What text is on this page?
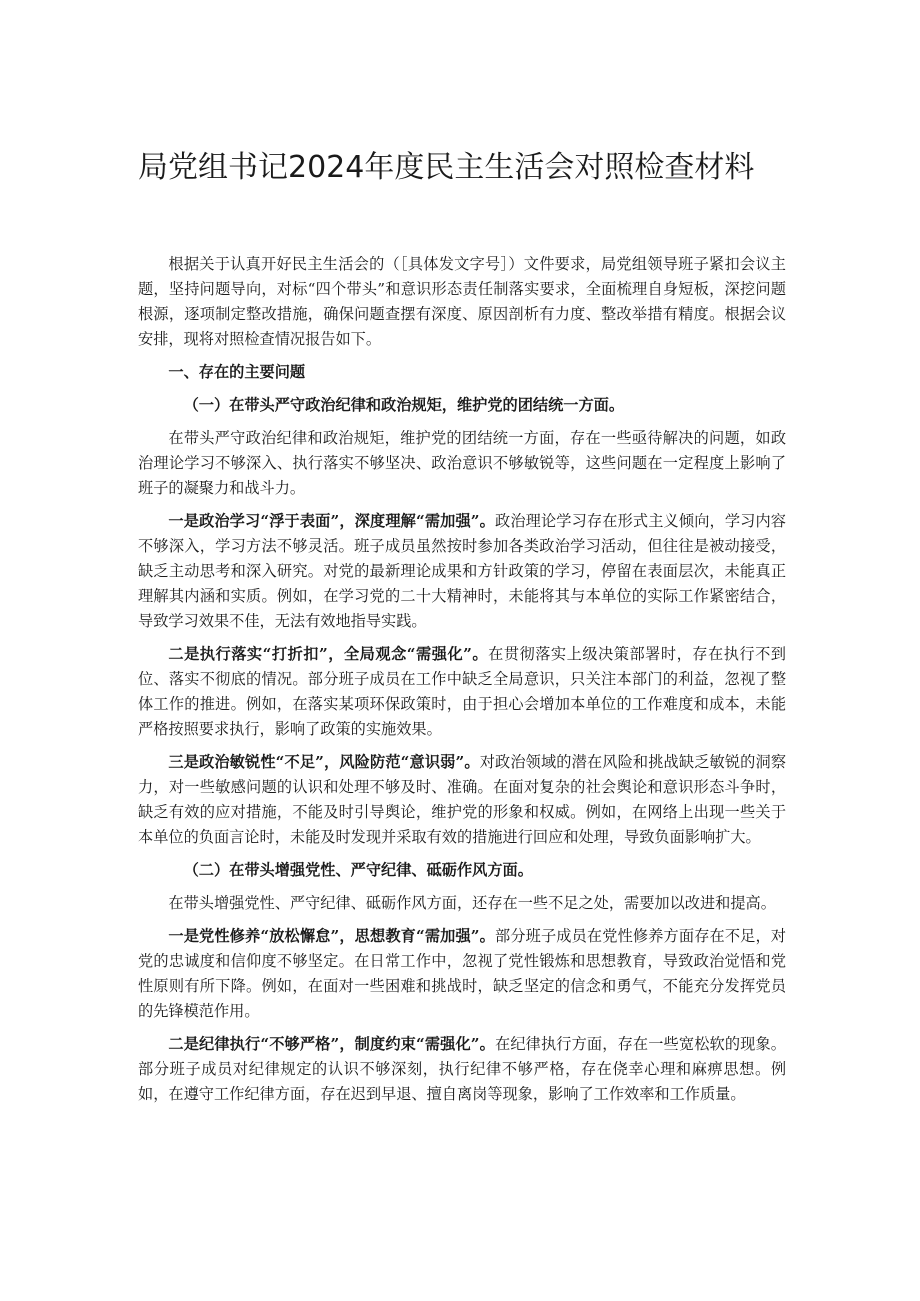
局党组书记2024年度民主生活会对照检查材料

根据关于认真开好民主生活会的（［具体发文字号］）文件要求，局党组领导班子紧扣会议主题，坚持问题导向，对标“四个带头”和意识形态责任制落实要求，全面梳理自身短板，深挖问题根源，逐项制定整改措施，确保问题查摆有深度、原因剖析有力度、整改举措有精度。根据会议安排，现将对照检查情况报告如下。

一、存在的主要问题

（一）在带头严守政治纪律和政治规矩，维护党的团结统一方面。

在带头严守政治纪律和政治规矩，维护党的团结统一方面，存在一些亟待解决的问题，如政治理论学习不够深入、执行落实不够坚决、政治意识不够敏锐等，这些问题在一定程度上影响了班子的凝聚力和战斗力。

一是政治学习“浮于表面”，深度理解“需加强”。政治理论学习存在形式主义倾向，学习内容不够深入，学习方法不够灵活。班子成员虽然按时参加各类政治学习活动，但往往是被动接受，缺乏主动思考和深入研究。对党的最新理论成果和方针政策的学习，停留在表面层次，未能真正理解其内涵和实质。例如，在学习党的二十大精神时，未能将其与本单位的实际工作紧密结合，导致学习效果不佳，无法有效地指导实践。

二是执行落实“打折扣”，全局观念“需强化”。在贯彻落实上级决策部署时，存在执行不到位、落实不彻底的情况。部分班子成员在工作中缺乏全局意识，只关注本部门的利益，忽视了整体工作的推进。例如，在落实某项环保政策时，由于担心会增加本单位的工作难度和成本，未能严格按照要求执行，影响了政策的实施效果。

三是政治敏锐性“不足”，风险防范“意识弱”。对政治领域的潜在风险和挑战缺乏敏锐的洞察力，对一些敏感问题的认识和处理不够及时、准确。在面对复杂的社会舆论和意识形态斗争时，缺乏有效的应对措施，不能及时引导舆论，维护党的形象和权威。例如，在网络上出现一些关于本单位的负面言论时，未能及时发现并采取有效的措施进行回应和处理，导致负面影响扩大。

（二）在带头增强党性、严守纪律、砥砺作风方面。

在带头增强党性、严守纪律、砥砺作风方面，还存在一些不足之处，需要加以改进和提高。

一是党性修养“放松懈怠”，思想教育“需加强”。部分班子成员在党性修养方面存在不足，对党的忠诚度和信仰度不够坚定。在日常工作中，忽视了党性锻炼和思想教育，导致政治觉悟和党性原则有所下降。例如，在面对一些困难和挑战时，缺乏坚定的信念和勇气，不能充分发挥党员的先锋模范作用。

二是纪律执行“不够严格”，制度约束“需强化”。在纪律执行方面，存在一些宽松软的现象。部分班子成员对纪律规定的认识不够深刻，执行纪律不够严格，存在侥幸心理和麻痹思想。例如，在遵守工作纪律方面，存在迟到早退、擅自离岗等现象，影响了工作效率和工作质量。
